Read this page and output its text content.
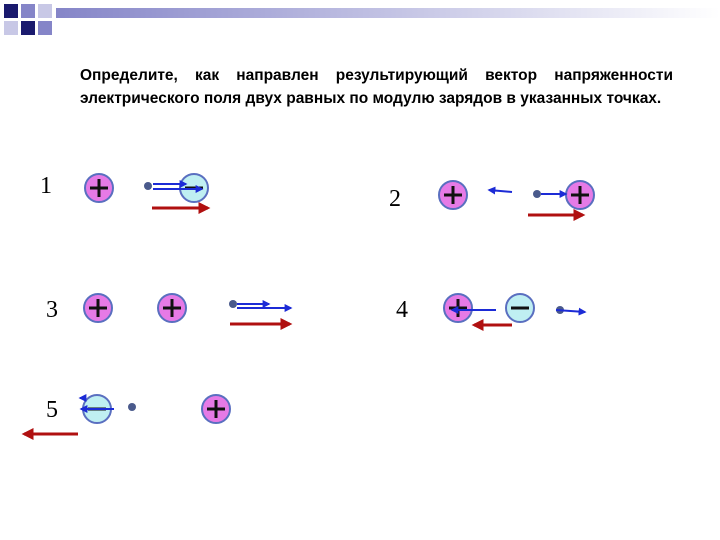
Определите, как направлен результирующий вектор напряженности электрического поля двух равных по модулю зарядов в указанных точках.

1	2
3	4
5
